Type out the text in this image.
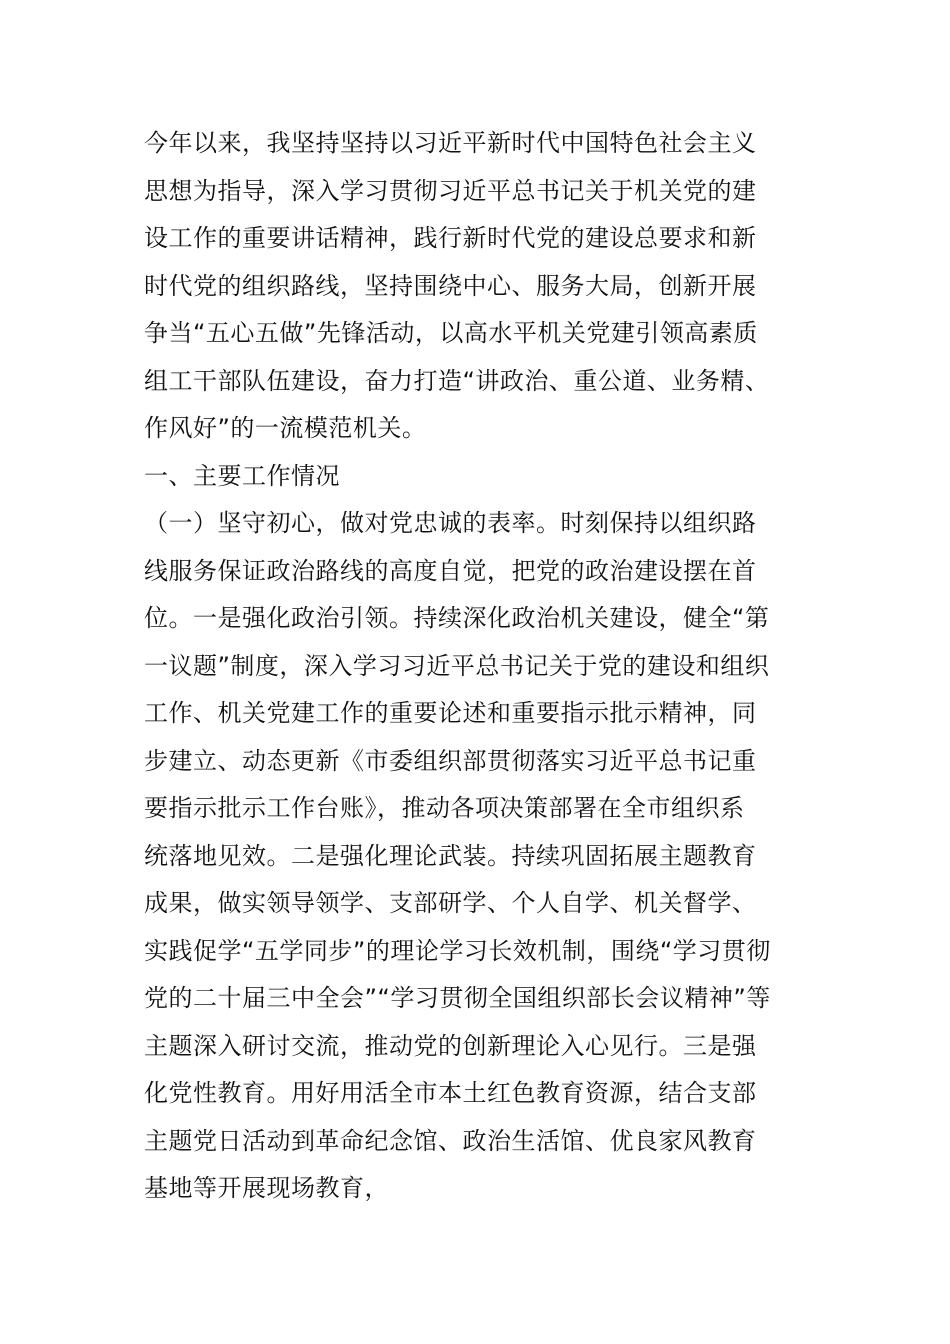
今年以来，我坚持坚持以习近平新时代中国特色社会主义
思想为指导，深入学习贯彻习近平总书记关于机关党的建
设工作的重要讲话精神，践行新时代党的建设总要求和新
时代党的组织路线，坚持围绕中心、服务大局，创新开展
争当“五心五做”先锋活动，以高水平机关党建引领高素质
组工干部队伍建设，奋力打造“讲政治、重公道、业务精、
作风好”的一流模范机关。
一、主要工作情况
（一）坚守初心，做对党忠诚的表率。时刻保持以组织路
线服务保证政治路线的高度自觉，把党的政治建设摆在首
位。一是强化政治引领。持续深化政治机关建设，健全“第
一议题”制度，深入学习习近平总书记关于党的建设和组织
工作、机关党建工作的重要论述和重要指示批示精神，同
步建立、动态更新《市委组织部贯彻落实习近平总书记重
要指示批示工作台账》，推动各项决策部署在全市组织系
统落地见效。二是强化理论武装。持续巩固拓展主题教育
成果，做实领导领学、支部研学、个人自学、机关督学、
实践促学“五学同步”的理论学习长效机制，围绕“学习贯彻
党的二十届三中全会”“学习贯彻全国组织部长会议精神”等
主题深入研讨交流，推动党的创新理论入心见行。三是强
化党性教育。用好用活全市本土红色教育资源，结合支部
主题党日活动到革命纪念馆、政治生活馆、优良家风教育
基地等开展现场教育，
